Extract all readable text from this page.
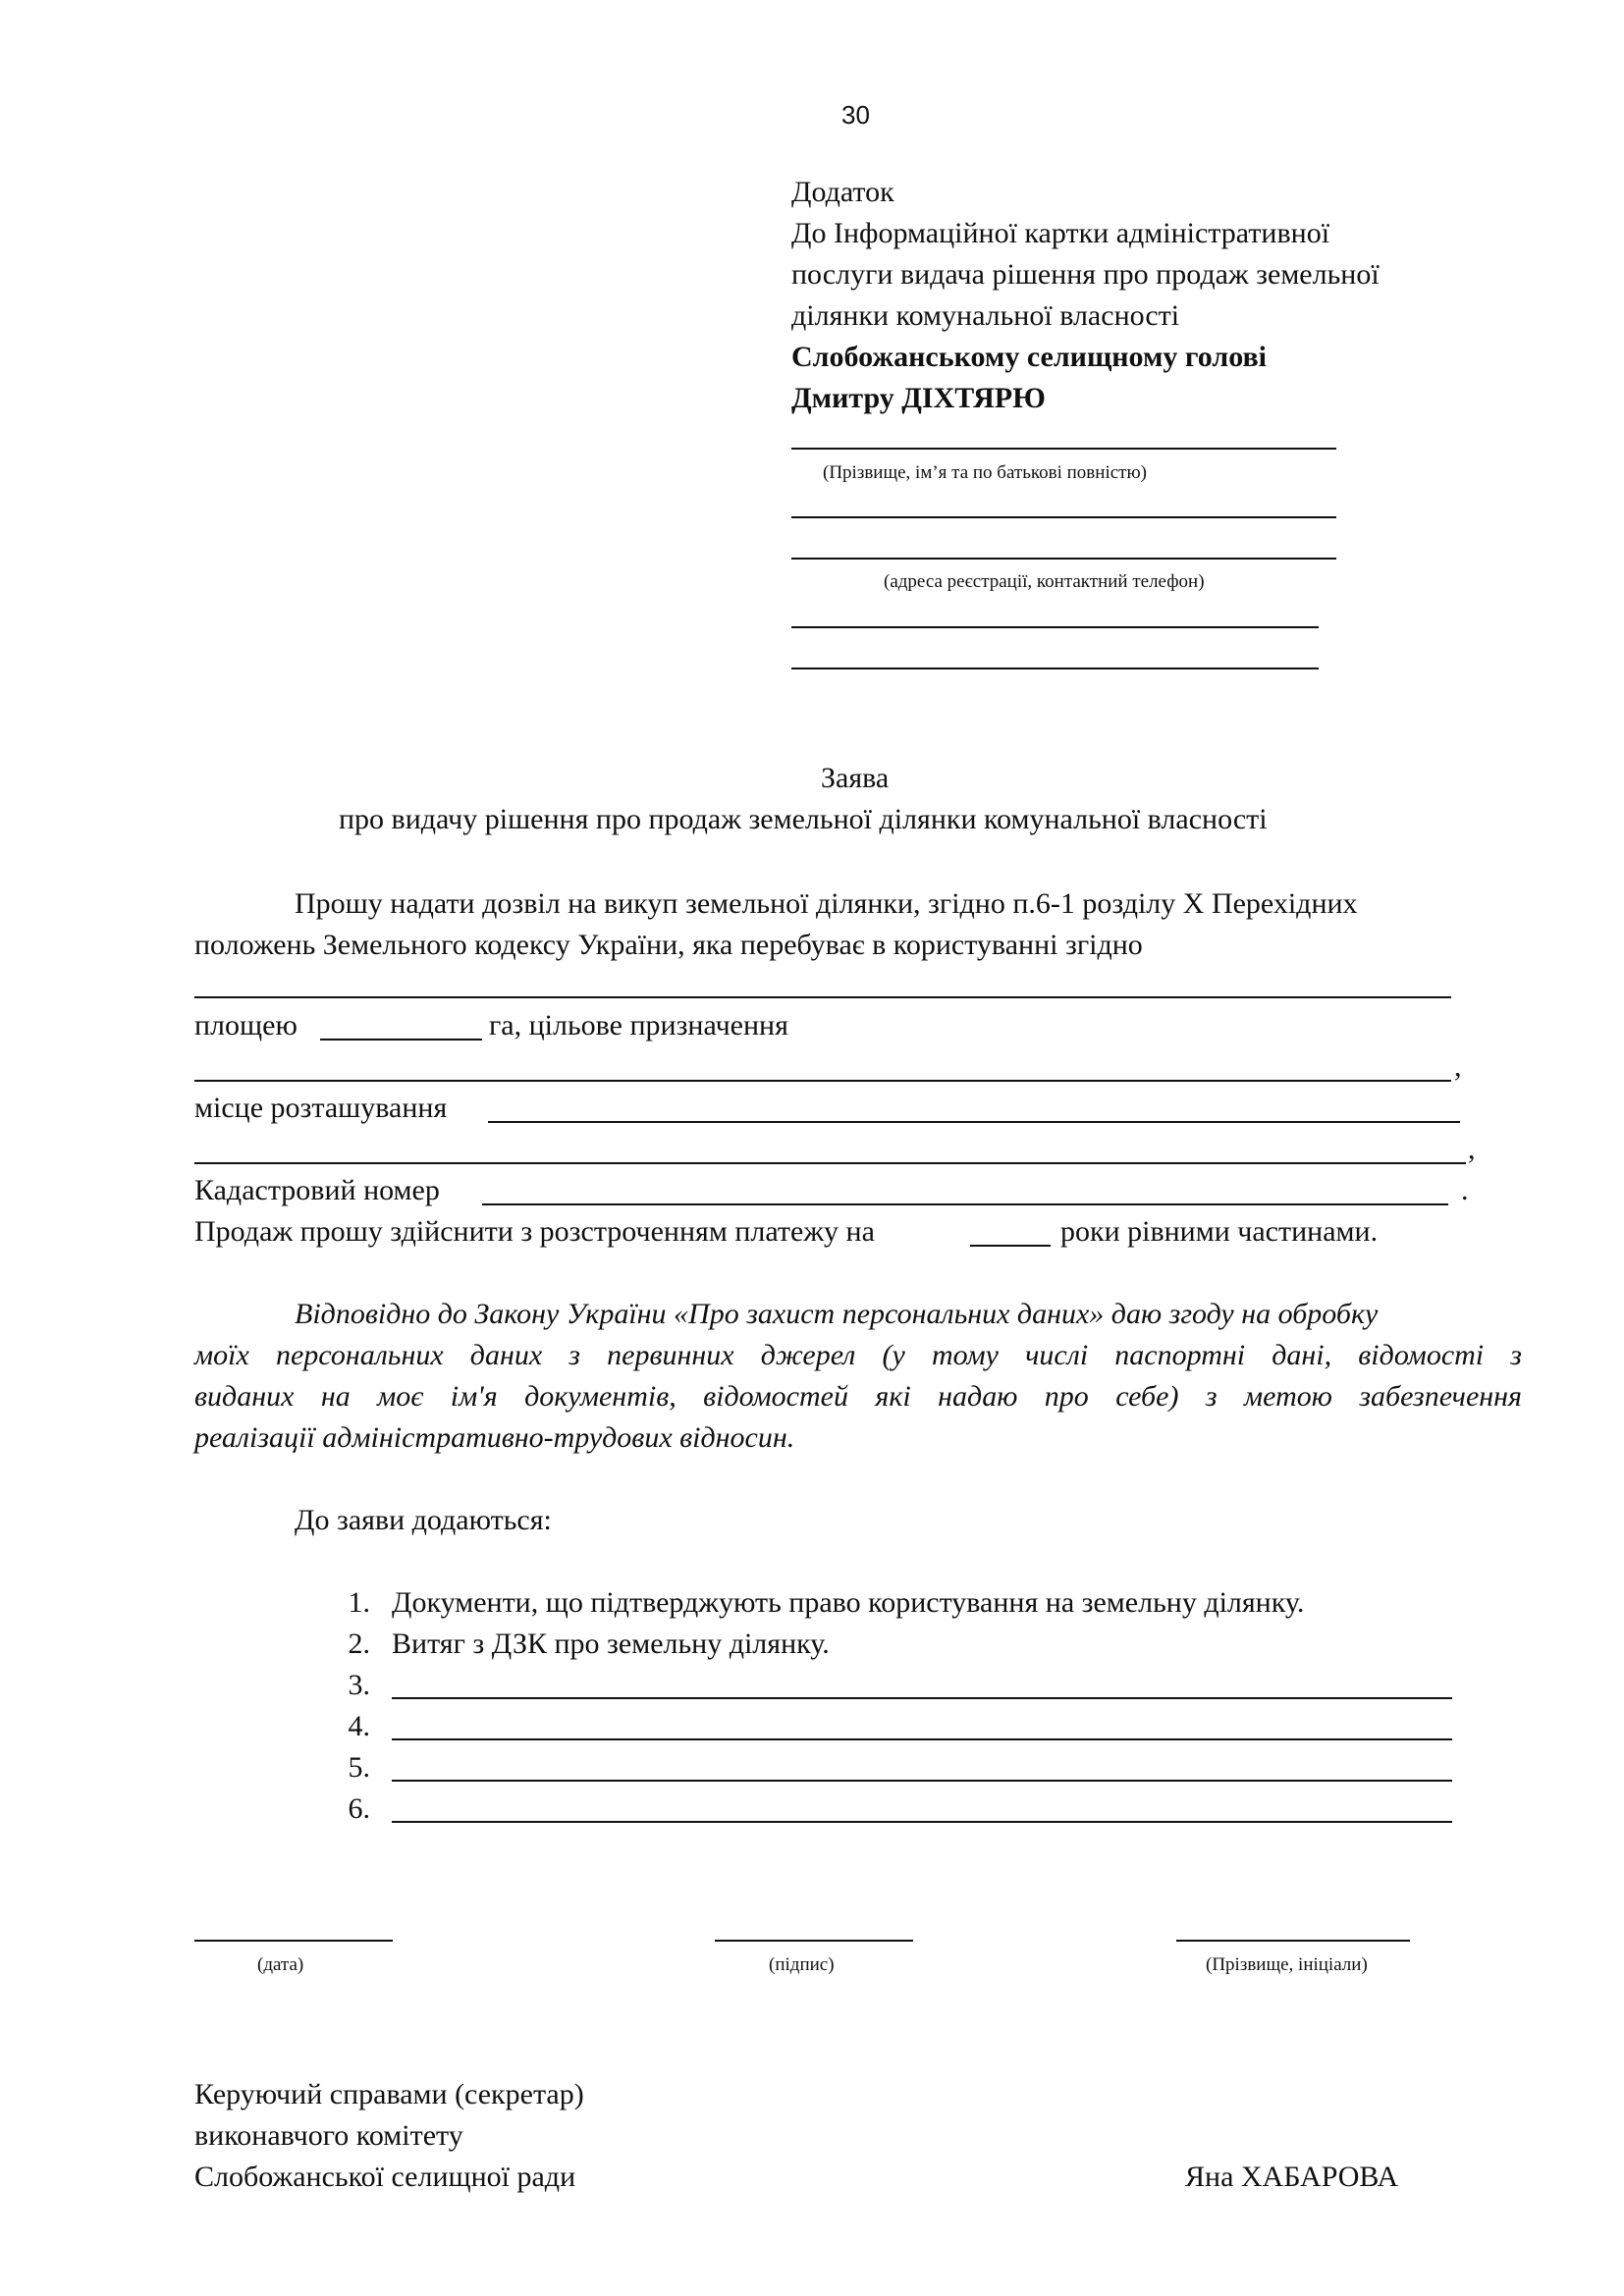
30
Додаток
До Інформаційної картки адміністративної
послуги видача рішення про продаж земельної
ділянки комунальної власності
Слобожанському селищному голові
Дмитру ДІХТЯРЮ
(Прізвище, ім’я та по батькові повністю)
(адреса реєстрації, контактний телефон)
Заява
про видачу рішення про продаж земельної ділянки комунальної власності
Прошу надати дозвіл на викуп земельної ділянки, згідно п.6-1 розділу Х Перехідних
положень Земельного кодексу України, яка перебуває в користуванні згідно
площею	га, цільове призначення
,
місце розташування
,
Кадастровий номер	.
Продаж прошу здійснити з розстроченням платежу на	роки рівними частинами.
Відповідно до Закону України «Про захист персональних даних» даю згоду на обробку
моїх персональних даних з первинних джерел (у тому числі паспортні дані, відомості з
виданих на моє ім'я документів, відомостей які надаю про себе) з метою забезпечення
реалізації адміністративно-трудових відносин.
До заяви додаються:
1. Документи, що підтверджують право користування на земельну ділянку.
2. Витяг з ДЗК про земельну ділянку.
3.
4.
5.
6.
(дата)	(підпис)	(Прізвище, ініціали)
Керуючий справами (секретар)
виконавчого комітету
Слобожанської селищної ради	Яна ХАБАРОВА
